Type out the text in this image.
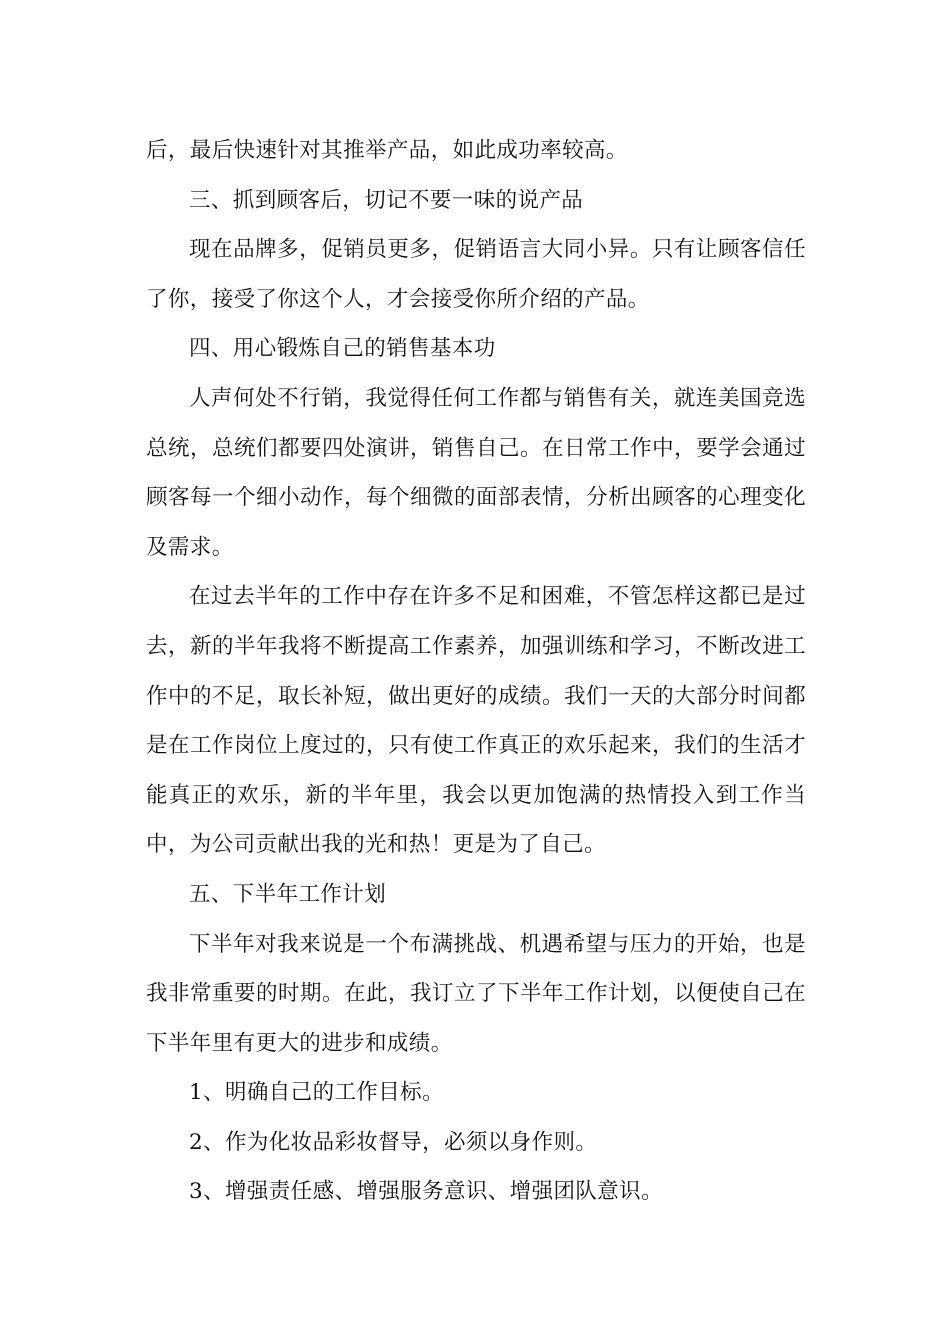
后，最后快速针对其推举产品，如此成功率较高。

三、抓到顾客后，切记不要一味的说产品

现在品牌多，促销员更多，促销语言大同小异。只有让顾客信任了你，接受了你这个人，才会接受你所介绍的产品。

四、用心锻炼自己的销售基本功

人声何处不行销，我觉得任何工作都与销售有关，就连美国竞选总统，总统们都要四处演讲，销售自己。在日常工作中，要学会通过顾客每一个细小动作，每个细微的面部表情，分析出顾客的心理变化及需求。

在过去半年的工作中存在许多不足和困难，不管怎样这都已是过去，新的半年我将不断提高工作素养，加强训练和学习，不断改进工作中的不足，取长补短，做出更好的成绩。我们一天的大部分时间都是在工作岗位上度过的，只有使工作真正的欢乐起来，我们的生活才能真正的欢乐，新的半年里，我会以更加饱满的热情投入到工作当中，为公司贡献出我的光和热！更是为了自己。

五、下半年工作计划

下半年对我来说是一个布满挑战、机遇希望与压力的开始，也是我非常重要的时期。在此，我订立了下半年工作计划，以便使自己在下半年里有更大的进步和成绩。

1、明确自己的工作目标。

2、作为化妆品彩妆督导，必须以身作则。

3、增强责任感、增强服务意识、增强团队意识。
